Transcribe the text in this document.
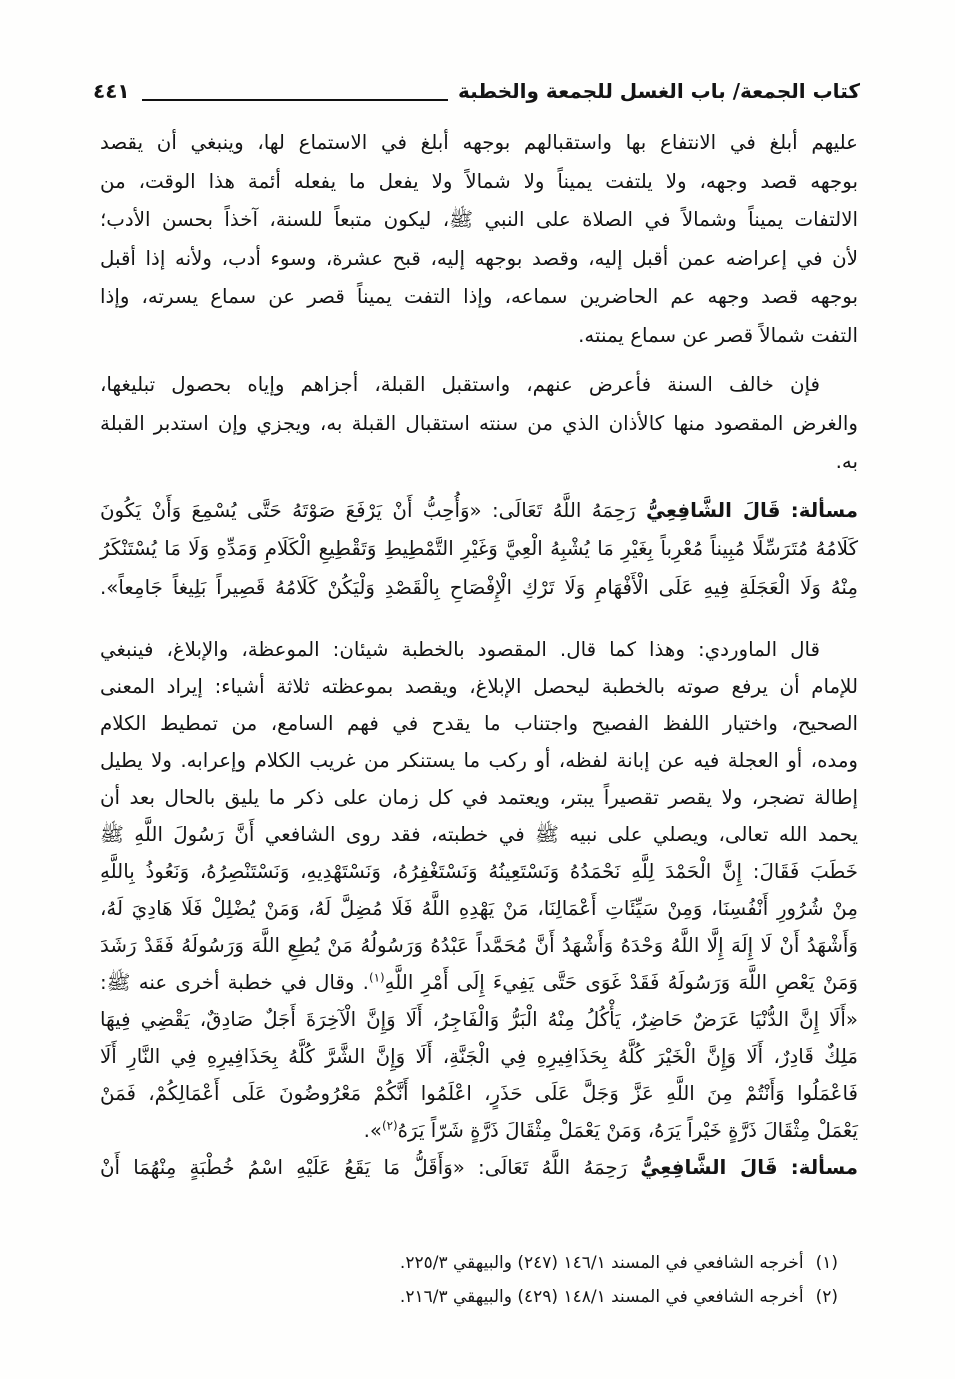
كتاب الجمعة/ باب الغسل للجمعة والخطبة
٤٤١
عليهم أبلغ في الانتفاع بها واستقبالهم بوجهه أبلغ في الاستماع لها، وينبغي أن يقصد
بوجهه قصد وجهه، ولا يلتفت يميناً ولا شمالاً ولا يفعل ما يفعله أئمة هذا الوقت، من
الالتفات يميناً وشمالاً في الصلاة على النبي ﷺ، ليكون متبعاً للسنة، آخذاً بحسن الأدب؛
لأن في إعراضه عمن أقبل إليه، وقصد بوجهه إليه، قبح عشرة، وسوء أدب، ولأنه إذا أقبل
بوجهه قصد وجهه عم الحاضرين سماعه، وإذا التفت يميناً قصر عن سماع يسرته، وإذا
التفت شمالاً قصر عن سماع يمنته.
فإن خالف السنة فأعرض عنهم، واستقبل القبلة، أجزاهم وإياه بحصول تبليغها،
والغرض المقصود منها كالأذان الذي من سنته استقبال القبلة به، ويجزي وإن استدبر القبلة
به.
مسألة: قَالَ الشَّافِعِيُّ رَحِمَهُ اللَّهُ تَعَالَى: «وَأُحِبُّ أَنْ يَرْفَعَ صَوْتَهُ حَتَّى يُسْمِعَ وَأَنْ يَكُونَ
كَلَامُهُ مُتَرَسِّلًا مُبِيناً مُعْرِباً بِغَيْرِ مَا يُشْبِهُ الْعِيَّ وَغَيْرِ التَّمْطِيطِ وَتَقْطِيعِ الْكَلَامِ وَمَدِّهِ وَلَا مَا يُسْتَنْكَرُ
مِنْهُ وَلَا الْعَجَلَةِ فِيهِ عَلَى الْأَفْهَامِ وَلَا تَرْكِ الْإِفْصَاحِ بِالْقَصْدِ وَلْيَكُنْ كَلَامُهُ قَصِيراً بَلِيغاً جَامِعاً».
قال الماوردي: وهذا كما قال. المقصود بالخطبة شيئان: الموعظة، والإبلاغ، فينبغي
للإمام أن يرفع صوته بالخطبة ليحصل الإبلاغ، ويقصد بموعظته ثلاثة أشياء: إيراد المعنى
الصحيح، واختيار اللفظ الفصيح واجتناب ما يقدح في فهم السامع، من تمطيط الكلام
ومده، أو العجلة فيه عن إبانة لفظه، أو ركب ما يستنكر من غريب الكلام وإعرابه. ولا يطيل
إطالة تضجر، ولا يقصر تقصيراً يبتر، ويعتمد في كل زمان على ذكر ما يليق بالحال بعد أن
يحمد الله تعالى، ويصلي على نبيه ﷺ في خطبته، فقد روى الشافعي أَنَّ رَسُولَ اللَّهِ ﷺ
خَطَبَ فَقَالَ: إِنَّ الْحَمْدَ لِلَّهِ نَحْمَدُهُ وَنَسْتَعِينُهُ وَنَسْتَغْفِرُهُ، وَنَسْتَهْدِيهِ، وَنَسْتَنْصِرُهُ، وَنَعُوذُ بِاللَّهِ
مِنْ شُرُورِ أَنْفُسِنَا، وَمِنْ سَيِّئَاتِ أَعْمَالِنَا، مَنْ يَهْدِهِ اللَّهُ فَلَا مُضِلَّ لَهُ، وَمَنْ يُضْلِلْ فَلَا هَادِيَ لَهُ،
وَأَشْهَدُ أَنْ لَا إِلَهَ إِلَّا اللَّهُ وَحْدَهُ وَأَشْهَدُ أَنَّ مُحَمَّداً عَبْدُهُ وَرَسُولُهُ مَنْ يُطِعِ اللَّهَ وَرَسُولَهُ فَقَدْ رَشَدَ
وَمَنْ يَعْصِ اللَّهَ وَرَسُولَهُ فَقَدْ غَوَى حَتَّى يَفِيءَ إِلَى أَمْرِ اللَّهِ$^{(١)}$. وقال في خطبة أخرى عنه ﷺ:
«أَلَا إِنَّ الدُّنْيَا عَرَضٌ حَاضِرٌ، يَأْكُلُ مِنْهُ الْبَرُّ وَالْفَاجِرُ، أَلَا وَإِنَّ الْآخِرَةَ أَجَلٌ صَادِقٌ، يَقْضِي فِيهَا
مَلِكٌ قَادِرٌ، أَلَا وَإِنَّ الْخَيْرَ كُلَّهُ بِحَذَافِيرِهِ فِي الْجَنَّةِ، أَلَا وَإِنَّ الشَّرَّ كُلَّهُ بِحَذَافِيرِهِ فِي النَّارِ أَلَا
فَاعْمَلُوا وَأَنْتُمْ مِنَ اللَّهِ عَزَّ وَجَلَّ عَلَى حَذَرٍ، اعْلَمُوا أَنَّكُمْ مَعْرُوضُونَ عَلَى أَعْمَالِكُمْ، فَمَنْ
يَعْمَلْ مِثْقَالَ ذَرَّةٍ خَيْراً يَرَهُ، وَمَنْ يَعْمَلْ مِثْقَالَ ذَرَّةٍ شَرّاً يَرَهُ$^{(٢)}$».
مسألة: قَالَ الشَّافِعِيُّ رَحِمَهُ اللَّهُ تَعَالَى: «وَأَقَلُّ مَا يَقَعُ عَلَيْهِ اسْمُ خُطْبَةٍ مِنْهُمَا أَنْ
(١)أخرجه الشافعي في المسند ١٤٦/١ (٢٤٧) والبيهقي ٢٢٥/٣.
(٢)أخرجه الشافعي في المسند ١٤٨/١ (٤٢٩) والبيهقي ٢١٦/٣.
